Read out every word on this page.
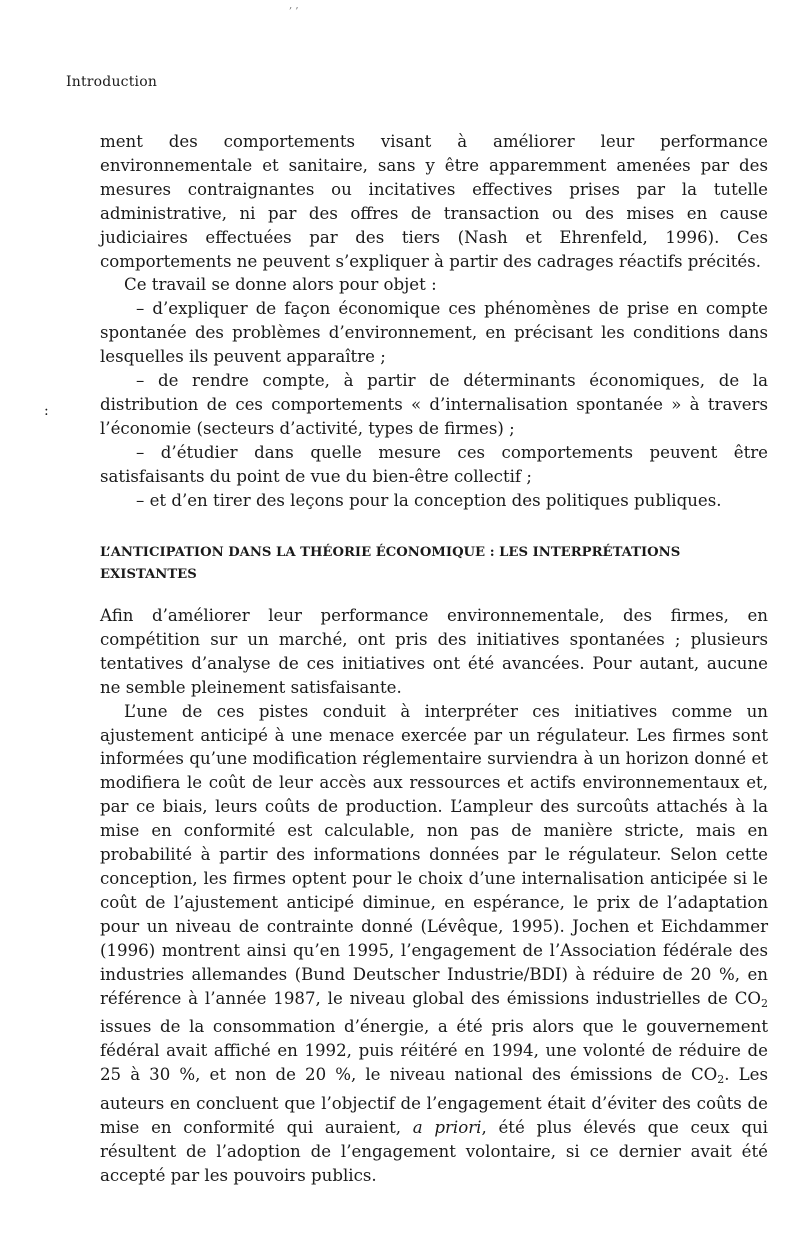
‚ ‚
Introduction
:

ment des comportements visant à améliorer leur performance environnementale et sanitaire, sans y être apparemment amenées par des mesures contraignantes ou incitatives effectives prises par la tutelle administrative, ni par des offres de transaction ou des mises en cause judiciaires effectuées par des tiers (Nash et Ehrenfeld, 1996). Ces comportements ne peuvent s’expliquer à partir des cadrages réactifs précités.

Ce travail se donne alors pour objet :

– d’expliquer de façon économique ces phénomènes de prise en compte spontanée des problèmes d’environnement, en précisant les conditions dans lesquelles ils peuvent apparaître ;

– de rendre compte, à partir de déterminants économiques, de la distribution de ces comportements « d’internalisation spontanée » à travers l’économie (secteurs d’activité, types de firmes) ;

– d’étudier dans quelle mesure ces comportements peuvent être satisfaisants du point de vue du bien-être collectif ;

– et d’en tirer des leçons pour la conception des politiques publiques.

L’ANTICIPATION DANS LA THÉORIE ÉCONOMIQUE : LES INTERPRÉTATIONS EXISTANTES

Afin d’améliorer leur performance environnementale, des firmes, en compétition sur un marché, ont pris des initiatives spontanées ; plusieurs tentatives d’analyse de ces initiatives ont été avancées. Pour autant, aucune ne semble pleinement satisfaisante.

L’une de ces pistes conduit à interpréter ces initiatives comme un ajustement anticipé à une menace exercée par un régulateur. Les firmes sont informées qu’une modification réglementaire surviendra à un horizon donné et modifiera le coût de leur accès aux ressources et actifs environnementaux et, par ce biais, leurs coûts de production. L’ampleur des surcoûts attachés à la mise en conformité est calculable, non pas de manière stricte, mais en probabilité à partir des informations données par le régulateur. Selon cette conception, les firmes optent pour le choix d’une internalisation anticipée si le coût de l’ajustement anticipé diminue, en espérance, le prix de l’adaptation pour un niveau de contrainte donné (Lévêque, 1995). Jochen et Eichdammer (1996) montrent ainsi qu’en 1995, l’engagement de l’Association fédérale des industries allemandes (Bund Deutscher Industrie/BDI) à réduire de 20 %, en référence à l’année 1987, le niveau global des émissions industrielles de $CO_2$ issues de la consommation d’énergie, a été pris alors que le gouvernement fédéral avait affiché en 1992, puis réitéré en 1994, une volonté de réduire de 25 à 30 %, et non de 20 %, le niveau national des émissions de $CO_2$. Les auteurs en concluent que l’objectif de l’engagement était d’éviter des coûts de mise en conformité qui auraient, a priori, été plus élevés que ceux qui résultent de l’adoption de l’engagement volontaire, si ce dernier avait été accepté par les pouvoirs publics.
